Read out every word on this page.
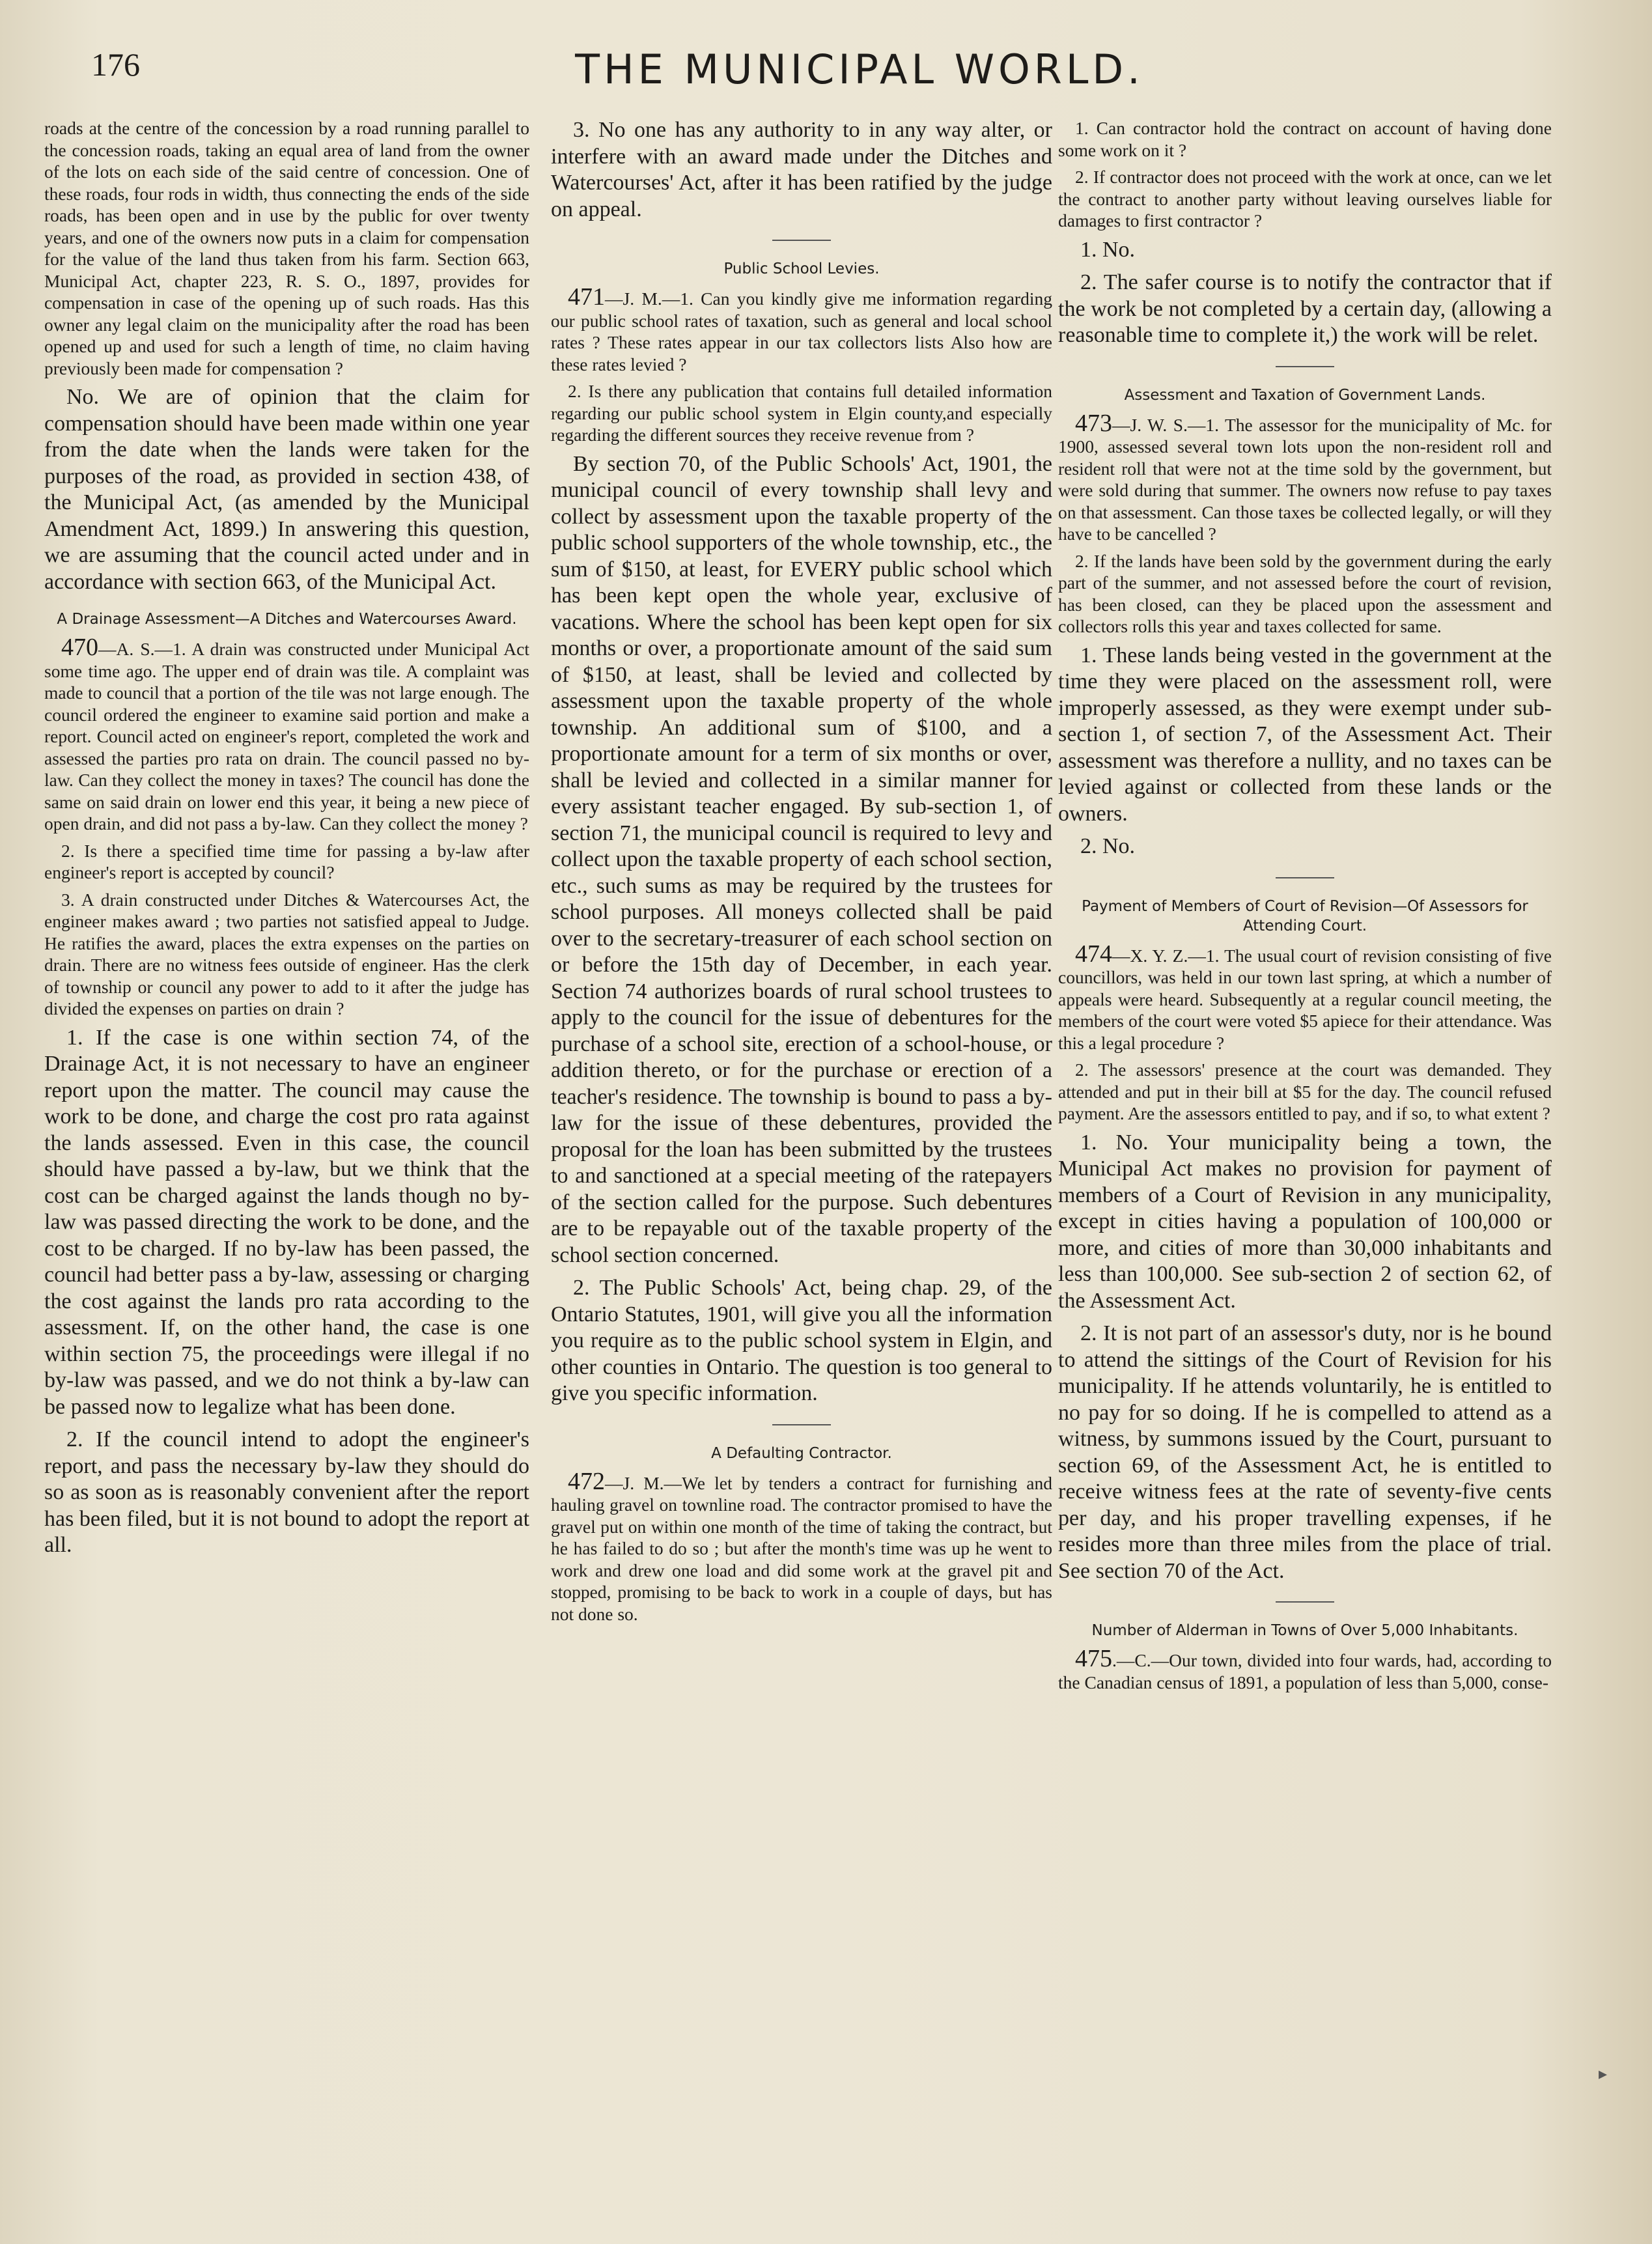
176	THE MUNICIPAL WORLD.

roads at the centre of the concession by a road running parallel to the concession roads, taking an equal area of land from the owner of the lots on each side of the said centre of concession. One of these roads, four rods in width, thus connecting the ends of the side roads, has been open and in use by the public for over twenty years, and one of the owners now puts in a claim for compensation for the value of the land thus taken from his farm. Section 663, Municipal Act, chapter 223, R. S. O., 1897, provides for compensation in case of the opening up of such roads. Has this owner any legal claim on the municipality after the road has been opened up and used for such a length of time, no claim having previously been made for compensation ?

No. We are of opinion that the claim for compensation should have been made within one year from the date when the lands were taken for the purposes of the road, as provided in section 438, of the Municipal Act, (as amended by the Municipal Amendment Act, 1899.) In answering this question, we are assuming that the council acted under and in accordance with section 663, of the Municipal Act.

A Drainage Assessment—A Ditches and Watercourses Award.

470—A. S.—1. A drain was constructed under Municipal Act some time ago. The upper end of drain was tile. A complaint was made to council that a portion of the tile was not large enough. The council ordered the engineer to examine said portion and make a report. Council acted on engineer's report, completed the work and assessed the parties pro rata on drain. The council passed no by-law. Can they collect the money in taxes? The council has done the same on said drain on lower end this year, it being a new piece of open drain, and did not pass a by-law. Can they collect the money ?

2. Is there a specified time time for passing a by-law after engineer's report is accepted by council?

3. A drain constructed under Ditches & Watercourses Act, the engineer makes award ; two parties not satisfied appeal to Judge. He ratifies the award, places the extra expenses on the parties on drain. There are no witness fees outside of engineer. Has the clerk of township or council any power to add to it after the judge has divided the expenses on parties on drain ?

1. If the case is one within section 74, of the Drainage Act, it is not necessary to have an engineer report upon the matter. The council may cause the work to be done, and charge the cost pro rata against the lands assessed. Even in this case, the council should have passed a by-law, but we think that the cost can be charged against the lands though no by-law was passed directing the work to be done, and the cost to be charged. If no by-law has been passed, the council had better pass a by-law, assessing or charging the cost against the lands pro rata according to the assessment. If, on the other hand, the case is one within section 75, the proceedings were illegal if no by-law was passed, and we do not think a by-law can be passed now to legalize what has been done.

2. If the council intend to adopt the engineer's report, and pass the necessary by-law they should do so as soon as is reasonably convenient after the report has been filed, but it is not bound to adopt the report at all.

3. No one has any authority to in any way alter, or interfere with an award made under the Ditches and Watercourses' Act, after it has been ratified by the judge on appeal.

Public School Levies.

471—J. M.—1. Can you kindly give me information regarding our public school rates of taxation, such as general and local school rates ? These rates appear in our tax collectors lists Also how are these rates levied ?

2. Is there any publication that contains full detailed information regarding our public school system in Elgin county,and especially regarding the different sources they receive revenue from ?

By section 70, of the Public Schools' Act, 1901, the municipal council of every township shall levy and collect by assessment upon the taxable property of the public school supporters of the whole township, etc., the sum of $150, at least, for EVERY public school which has been kept open the whole year, exclusive of vacations. Where the school has been kept open for six months or over, a proportionate amount of the said sum of $150, at least, shall be levied and collected by assessment upon the taxable property of the whole township. An additional sum of $100, and a proportionate amount for a term of six months or over, shall be levied and collected in a similar manner for every assistant teacher engaged. By sub-section 1, of section 71, the municipal council is required to levy and collect upon the taxable property of each school section, etc., such sums as may be required by the trustees for school purposes. All moneys collected shall be paid over to the secretary-treasurer of each school section on or before the 15th day of December, in each year. Section 74 authorizes boards of rural school trustees to apply to the council for the issue of debentures for the purchase of a school site, erection of a school-house, or addition thereto, or for the purchase or erection of a teacher's residence. The township is bound to pass a by-law for the issue of these debentures, provided the proposal for the loan has been submitted by the trustees to and sanctioned at a special meeting of the ratepayers of the section called for the purpose. Such debentures are to be repayable out of the taxable property of the school section concerned.

2. The Public Schools' Act, being chap. 29, of the Ontario Statutes, 1901, will give you all the information you require as to the public school system in Elgin, and other counties in Ontario. The question is too general to give you specific information.

A Defaulting Contractor.

472—J. M.—We let by tenders a contract for furnishing and hauling gravel on townline road. The contractor promised to have the gravel put on within one month of the time of taking the contract, but he has failed to do so ; but after the month's time was up he went to work and drew one load and did some work at the gravel pit and stopped, promising to be back to work in a couple of days, but has not done so.

1. Can contractor hold the contract on account of having done some work on it ?

2. If contractor does not proceed with the work at once, can we let the contract to another party without leaving ourselves liable for damages to first contractor ?

1. No.

2. The safer course is to notify the contractor that if the work be not completed by a certain day, (allowing a reasonable time to complete it,) the work will be relet.

Assessment and Taxation of Government Lands.

473—J. W. S.—1. The assessor for the municipality of Mc. for 1900, assessed several town lots upon the non-resident roll and resident roll that were not at the time sold by the government, but were sold during that summer. The owners now refuse to pay taxes on that assessment. Can those taxes be collected legally, or will they have to be cancelled ?

2. If the lands have been sold by the government during the early part of the summer, and not assessed before the court of revision, has been closed, can they be placed upon the assessment and collectors rolls this year and taxes collected for same.

1. These lands being vested in the government at the time they were placed on the assessment roll, were improperly assessed, as they were exempt under sub-section 1, of section 7, of the Assessment Act. Their assessment was therefore a nullity, and no taxes can be levied against or collected from these lands or the owners.

2. No.

Payment of Members of Court of Revision—Of Assessors for Attending Court.

474—X. Y. Z.—1. The usual court of revision consisting of five councillors, was held in our town last spring, at which a number of appeals were heard. Subsequently at a regular council meeting, the members of the court were voted $5 apiece for their attendance. Was this a legal procedure ?

2. The assessors' presence at the court was demanded. They attended and put in their bill at $5 for the day. The council refused payment. Are the assessors entitled to pay, and if so, to what extent ?

1. No. Your municipality being a town, the Municipal Act makes no provision for payment of members of a Court of Revision in any municipality, except in cities having a population of 100,000 or more, and cities of more than 30,000 inhabitants and less than 100,000. See sub-section 2 of section 62, of the Assessment Act.

2. It is not part of an assessor's duty, nor is he bound to attend the sittings of the Court of Revision for his municipality. If he attends voluntarily, he is entitled to no pay for so doing. If he is compelled to attend as a witness, by summons issued by the Court, pursuant to section 69, of the Assessment Act, he is entitled to receive witness fees at the rate of seventy-five cents per day, and his proper travelling expenses, if he resides more than three miles from the place of trial. See section 70 of the Act.

Number of Alderman in Towns of Over 5,000 Inhabitants.

475.—C.—Our town, divided into four wards, had, according to the Canadian census of 1891, a population of less than 5,000, conse-

▸
